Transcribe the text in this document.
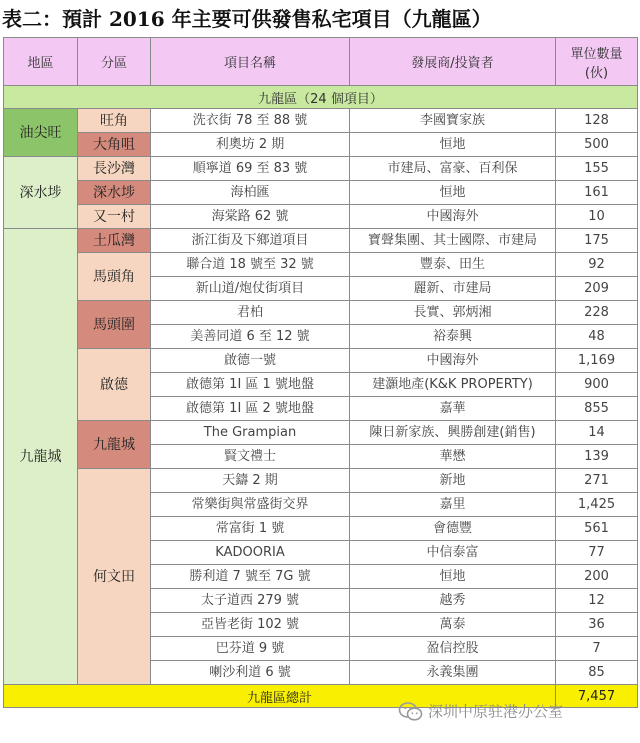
表二：預計 2016 年主要可供發售私宅項目（九龍區）
地區	分區	項目名稱	發展商/投資者	單位數量
(伙)
九龍區（24 個項目）				
油尖旺	旺角	洗衣街 78 至 88 號	李國寶家族	128
	大角咀	利奧坊 2 期	恒地	500
深水埗	長沙灣	順寧道 69 至 83 號	市建局、富豪、百利保	155
	深水埗	海柏匯	恒地	161
	又一村	海棠路 62 號	中國海外	10
九龍城	土瓜灣	浙江街及下鄉道項目	寶聲集團、其士國際、市建局	175
	馬頭角	聯合道 18 號至 32 號	豐泰、田生	92
		新山道/炮仗街項目	麗新、市建局	209
	馬頭圍	君柏	長實、郭炳湘	228
		美善同道 6 至 12 號	裕泰興	48
	啟德	啟德一號	中國海外	1,169
		啟德第 1I 區 1 號地盤	建灝地產(K&K PROPERTY)	900
		啟德第 1I 區 2 號地盤	嘉華	855
	九龍城	The Grampian	陳日新家族、興勝創建(銷售)	14
		賢文禮士	華懋	139
	何文田	天鑄 2 期	新地	271
		常樂街與常盛街交界	嘉里	1,425
		常富街 1 號	會德豐	561
		KADOORIA	中信泰富	77
		勝利道 7 號至 7G 號	恒地	200
		太子道西 279 號	越秀	12
		亞皆老街 102 號	萬泰	36
		巴芬道 9 號	盈信控股	7
		喇沙利道 6 號	永義集團	85
九龍區總計				7,457
深圳中原驻港办公室
